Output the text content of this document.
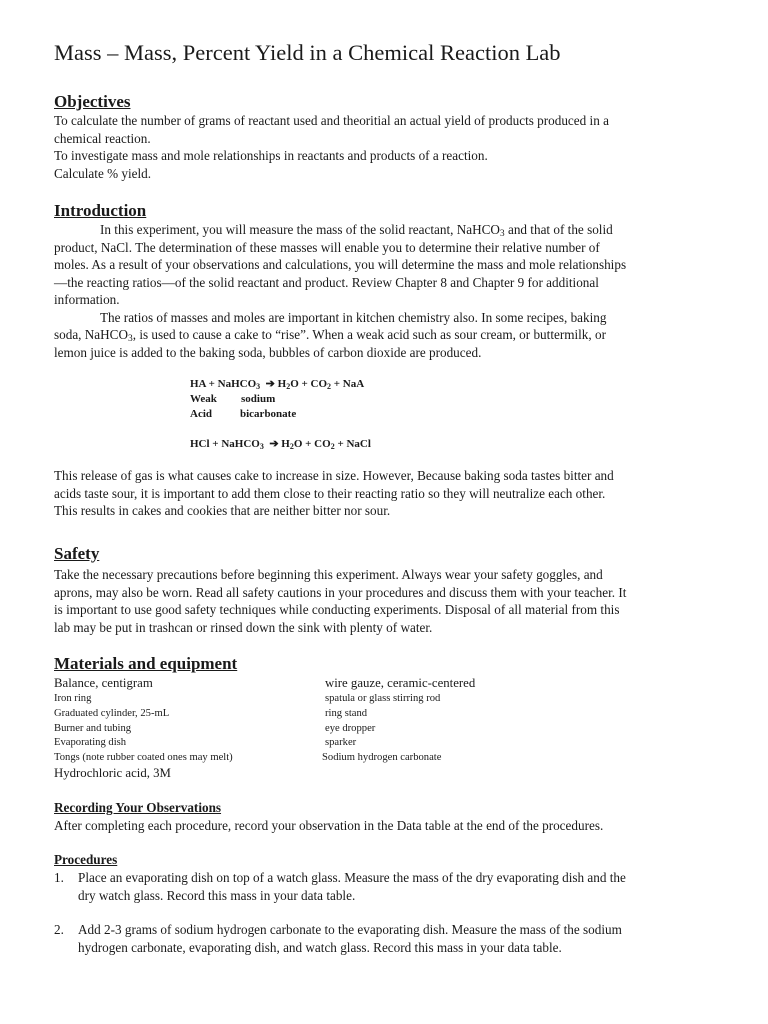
Mass – Mass, Percent Yield in a Chemical Reaction Lab
Objectives
To calculate the number of grams of reactant used and theoritial an actual yield of products produced in a
chemical reaction.
To investigate mass and mole relationships in reactants and products of a reaction.
Calculate % yield.
Introduction
In this experiment, you will measure the mass of the solid reactant, NaHCO3 and that of the solid
product, NaCl. The determination of these masses will enable you to determine their relative number of
moles. As a result of your observations and calculations, you will determine the mass and mole relationships
—the reacting ratios—of the solid reactant and product. Review Chapter 8 and Chapter 9 for additional
information.
The ratios of masses and moles are important in kitchen chemistry also. In some recipes, baking
soda, NaHCO3, is used to cause a cake to “rise”. When a weak acid such as sour cream, or buttermilk, or
lemon juice is added to the baking soda, bubbles of carbon dioxide are produced.
HA + NaHCO$_3$ ➔ $H_2O + CO_2$ + NaA
Weak sodium
Acid	bicarbonate
HCl + NaHCO$_3$ ➔ $H_2O + CO_2$ + NaCl
This release of gas is what causes cake to increase in size. However, Because baking soda tastes bitter and
acids taste sour, it is important to add them close to their reacting ratio so they will neutralize each other.
This results in cakes and cookies that are neither bitter nor sour.
Safety
Take the necessary precautions before beginning this experiment. Always wear your safety goggles, and
aprons, may also be worn. Read all safety cautions in your procedures and discuss them with your teacher. It
is important to use good safety techniques while conducting experiments. Disposal of all material from this
lab may be put in trashcan or rinsed down the sink with plenty of water.
Materials and equipment
Balance, centigram
Iron ring
Graduated cylinder, 25-mL
Burner and tubing
Evaporating dish
Tongs (note rubber coated ones may melt)
Hydrochloric acid, 3M
wire gauze, ceramic-centered
spatula or glass stirring rod
ring stand
eye dropper
sparker
Sodium hydrogen carbonate
Recording Your Observations
After completing each procedure, record your observation in the Data table at the end of the procedures.
Procedures
1. Place an evaporating dish on top of a watch glass. Measure the mass of the dry evaporating dish and the
dry watch glass. Record this mass in your data table.
2. Add 2-3 grams of sodium hydrogen carbonate to the evaporating dish. Measure the mass of the sodium
hydrogen carbonate, evaporating dish, and watch glass. Record this mass in your data table.
